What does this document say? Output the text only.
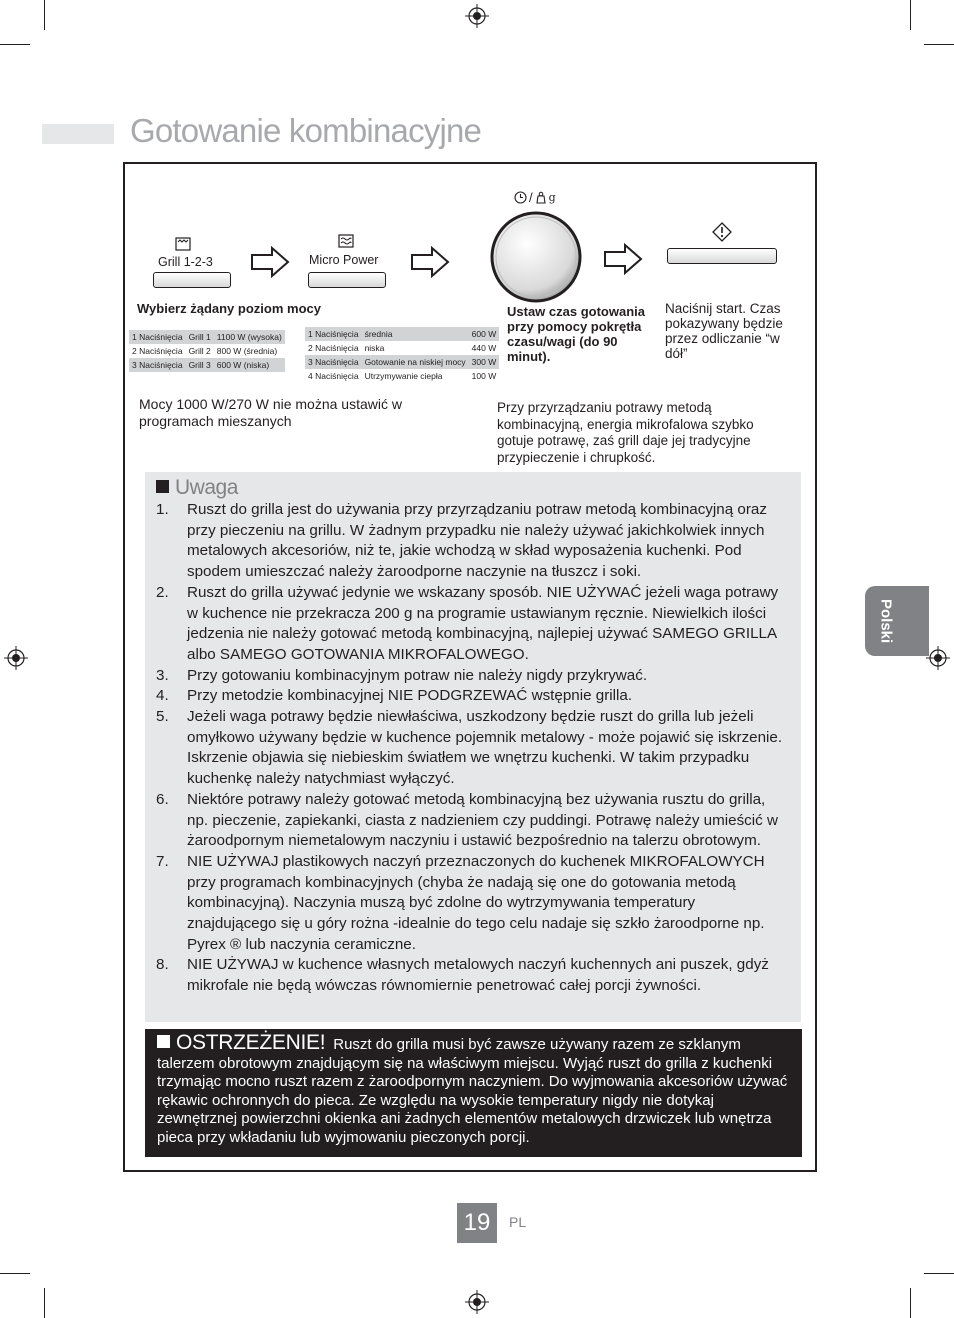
Gotowanie kombinacyjne
Grill 1-2-3
Wybierz żądany poziom mocy
1 Naciśnięcia	Grill 1	1100 W (wysoka)
2 Naciśnięcia	Grill 2	800 W (średnia)
3 Naciśnięcia	Grill 3	600 W (niska)
Micro Power
1 Naciśnięcia	średnia	600 W
2 Naciśnięcia	niska	440 W
3 Naciśnięcia	Gotowanie na niskiej mocy	300 W
4 Naciśnięcia	Utrzymywanie ciepła	100 W
/ g
Ustaw czas gotowania przy pomocy pokrętła czasu/wagi (do 90 minut).
Naciśnij start. Czas pokazywany będzie przez odliczanie “w dół”
Mocy 1000 W/270 W nie można ustawić w programach mieszanych
Przy przyrządzaniu potrawy metodą kombinacyjną, energia mikrofalowa szybko gotuje potrawę, zaś grill daje jej tradycyjne przypieczenie i chrupkość.
Uwaga
1.	Ruszt do grilla jest do używania przy przyrządzaniu potraw metodą kombinacyjną oraz przy pieczeniu na grillu. W żadnym przypadku nie należy używać jakichkolwiek innych metalowych akcesoriów, niż te, jakie wchodzą w skład wyposażenia kuchenki. Pod spodem umieszczać należy żaroodporne naczynie na tłuszcz i soki.
2.	Ruszt do grilla używać jedynie we wskazany sposób. NIE UŻYWAĆ jeżeli waga potrawy w kuchence nie przekracza 200 g na programie ustawianym ręcznie. Niewielkich ilości jedzenia nie należy gotować metodą kombinacyjną, najlepiej używać SAMEGO GRILLA albo SAMEGO GOTOWANIA MIKROFALOWEGO.
3.	Przy gotowaniu kombinacyjnym potraw nie należy nigdy przykrywać.
4.	Przy metodzie kombinacyjnej NIE PODGRZEWAĆ wstępnie grilla.
5.	Jeżeli waga potrawy będzie niewłaściwa, uszkodzony będzie ruszt do grilla lub jeżeli omyłkowo używany będzie w kuchence pojemnik metalowy - może pojawić się iskrzenie. Iskrzenie objawia się niebieskim światłem we wnętrzu kuchenki. W takim przypadku kuchenkę należy natychmiast wyłączyć.
6.	Niektóre potrawy należy gotować metodą kombinacyjną bez używania rusztu do grilla, np. pieczenie, zapiekanki, ciasta z nadzieniem czy puddingi. Potrawę należy umieścić w żaroodpornym niemetalowym naczyniu i ustawić bezpośrednio na talerzu obrotowym.
7.	NIE UŻYWAJ plastikowych naczyń przeznaczonych do kuchenek MIKROFALOWYCH przy programach kombinacyjnych (chyba że nadają się one do gotowania metodą kombinacyjną). Naczynia muszą być zdolne do wytrzymywania temperatury znajdującego się u góry rożna -idealnie do tego celu nadaje się szkło żaroodporne np. Pyrex ® lub naczynia ceramiczne.
8.	NIE UŻYWAJ w kuchence własnych metalowych naczyń kuchennych ani puszek, gdyż mikrofale nie będą wówczas równomiernie penetrować całej porcji żywności.
OSTRZEŻENIE! Ruszt do grilla musi być zawsze używany razem ze szklanym talerzem obrotowym znajdującym się na właściwym miejscu. Wyjąć ruszt do grilla z kuchenki trzymając mocno ruszt razem z żaroodpornym naczyniem. Do wyjmowania akcesoriów używać rękawic ochronnych do pieca. Ze względu na wysokie temperatury nigdy nie dotykaj zewnętrznej powierzchni okienka ani żadnych elementów metalowych drzwiczek lub wnętrza pieca przy wkładaniu lub wyjmowaniu pieczonych porcji.
Polski
19	PL
